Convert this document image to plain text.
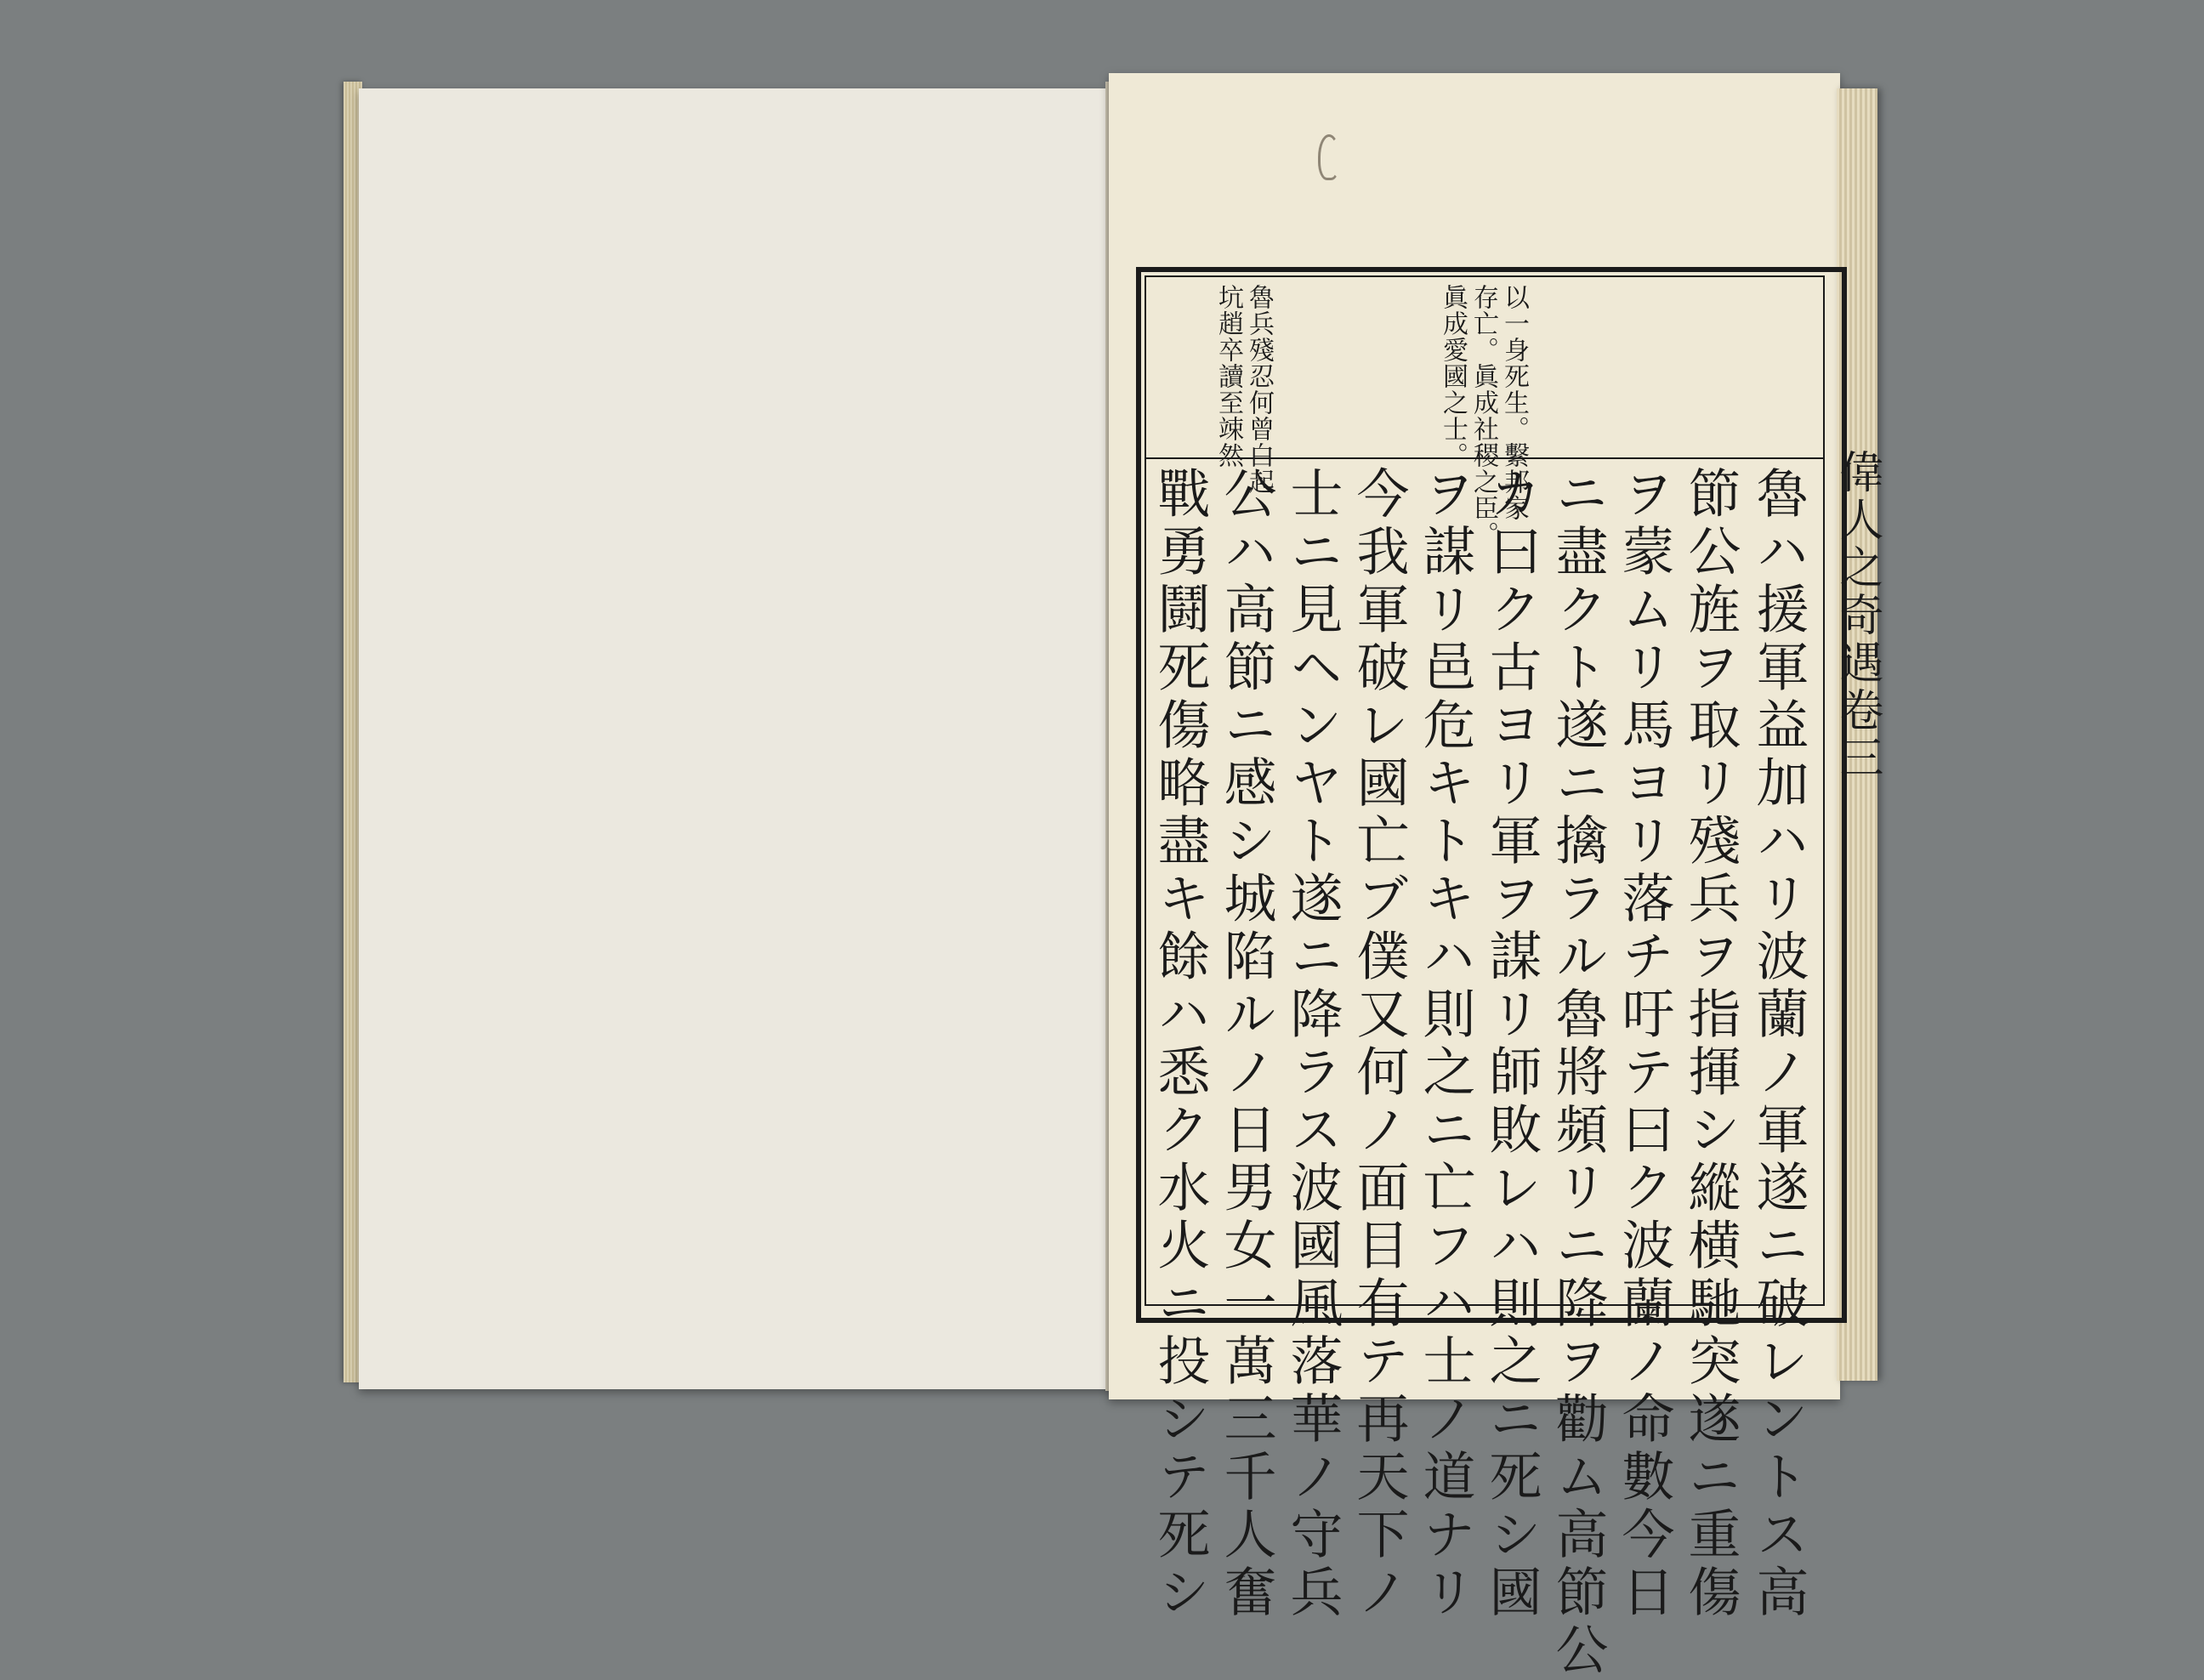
偉人之奇遇卷三
以一身死生。繫邦家
存亡。眞成社稷之臣。
眞成愛國之士。
魯兵殘忍何曾白起
坑趙卒讀至竦然
魯ハ援軍益加ハリ波蘭ノ軍遂ニ破レントス高
節公旌ヲ取リ殘兵ヲ指揮シ縱横馳突遂ニ重傷
ヲ蒙ムリ馬ヨリ落チ吁テ曰ク波蘭ノ命數今日
ニ盡クト遂ニ擒ラル魯將頻リニ降ヲ勸ム高節公
カ曰ク古ヨリ軍ヲ謀リ師敗レハ則之ニ死シ國
ヲ謀リ邑危キトキハ則之ニ亡フハ士ノ道ナリ
今我軍破レ國亡ブ僕又何ノ面目有テ再天下ノ
士ニ見ヘンヤト遂ニ降ラス波國風落華ノ守兵
公ハ高節ニ感シ城陷ルノ日男女一萬三千人奮
戰勇鬪死傷略盡キ餘ハ悉ク水火ニ投シテ死シ
